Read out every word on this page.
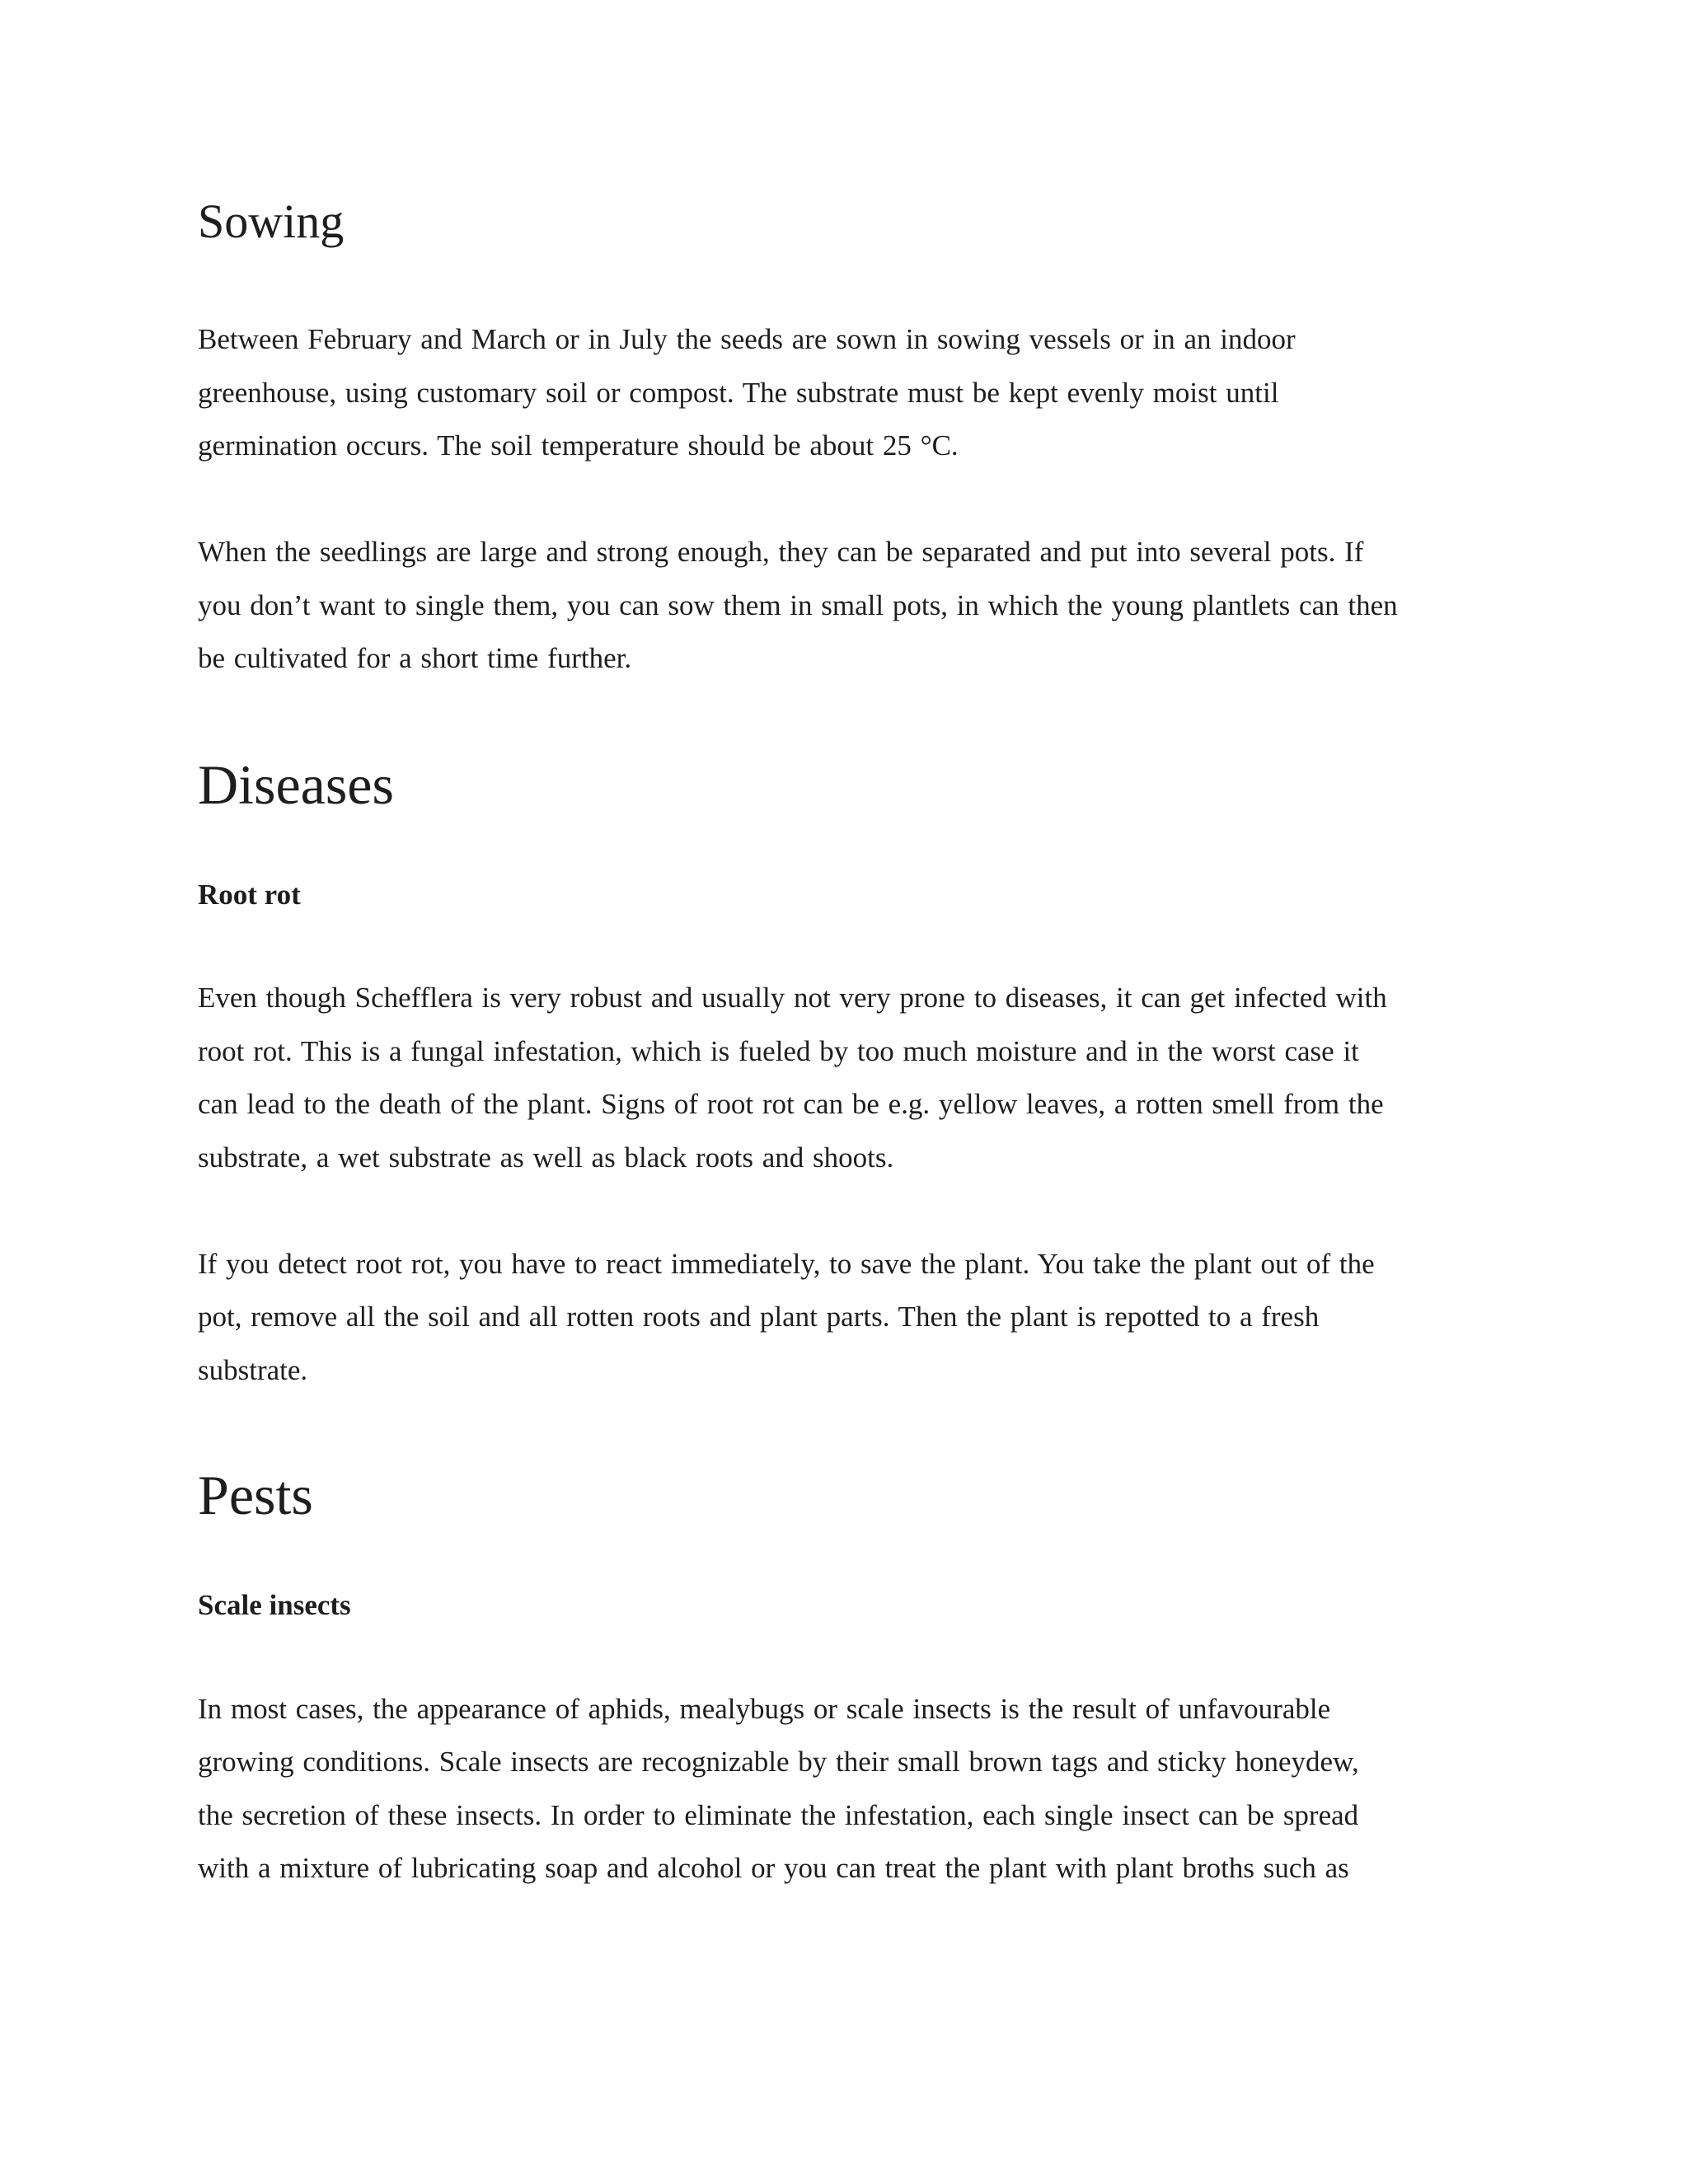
Sowing
Between February and March or in July the seeds are sown in sowing vessels or in an indoor
greenhouse, using customary soil or compost. The substrate must be kept evenly moist until
germination occurs. The soil temperature should be about 25 °C.
When the seedlings are large and strong enough, they can be separated and put into several pots. If
you don’t want to single them, you can sow them in small pots, in which the young plantlets can then
be cultivated for a short time further.
Diseases
Root rot
Even though Schefflera is very robust and usually not very prone to diseases, it can get infected with
root rot. This is a fungal infestation, which is fueled by too much moisture and in the worst case it
can lead to the death of the plant. Signs of root rot can be e.g. yellow leaves, a rotten smell from the
substrate, a wet substrate as well as black roots and shoots.
If you detect root rot, you have to react immediately, to save the plant. You take the plant out of the
pot, remove all the soil and all rotten roots and plant parts. Then the plant is repotted to a fresh
substrate.
Pests
Scale insects
In most cases, the appearance of aphids, mealybugs or scale insects is the result of unfavourable
growing conditions. Scale insects are recognizable by their small brown tags and sticky honeydew,
the secretion of these insects. In order to eliminate the infestation, each single insect can be spread
with a mixture of lubricating soap and alcohol or you can treat the plant with plant broths such as
